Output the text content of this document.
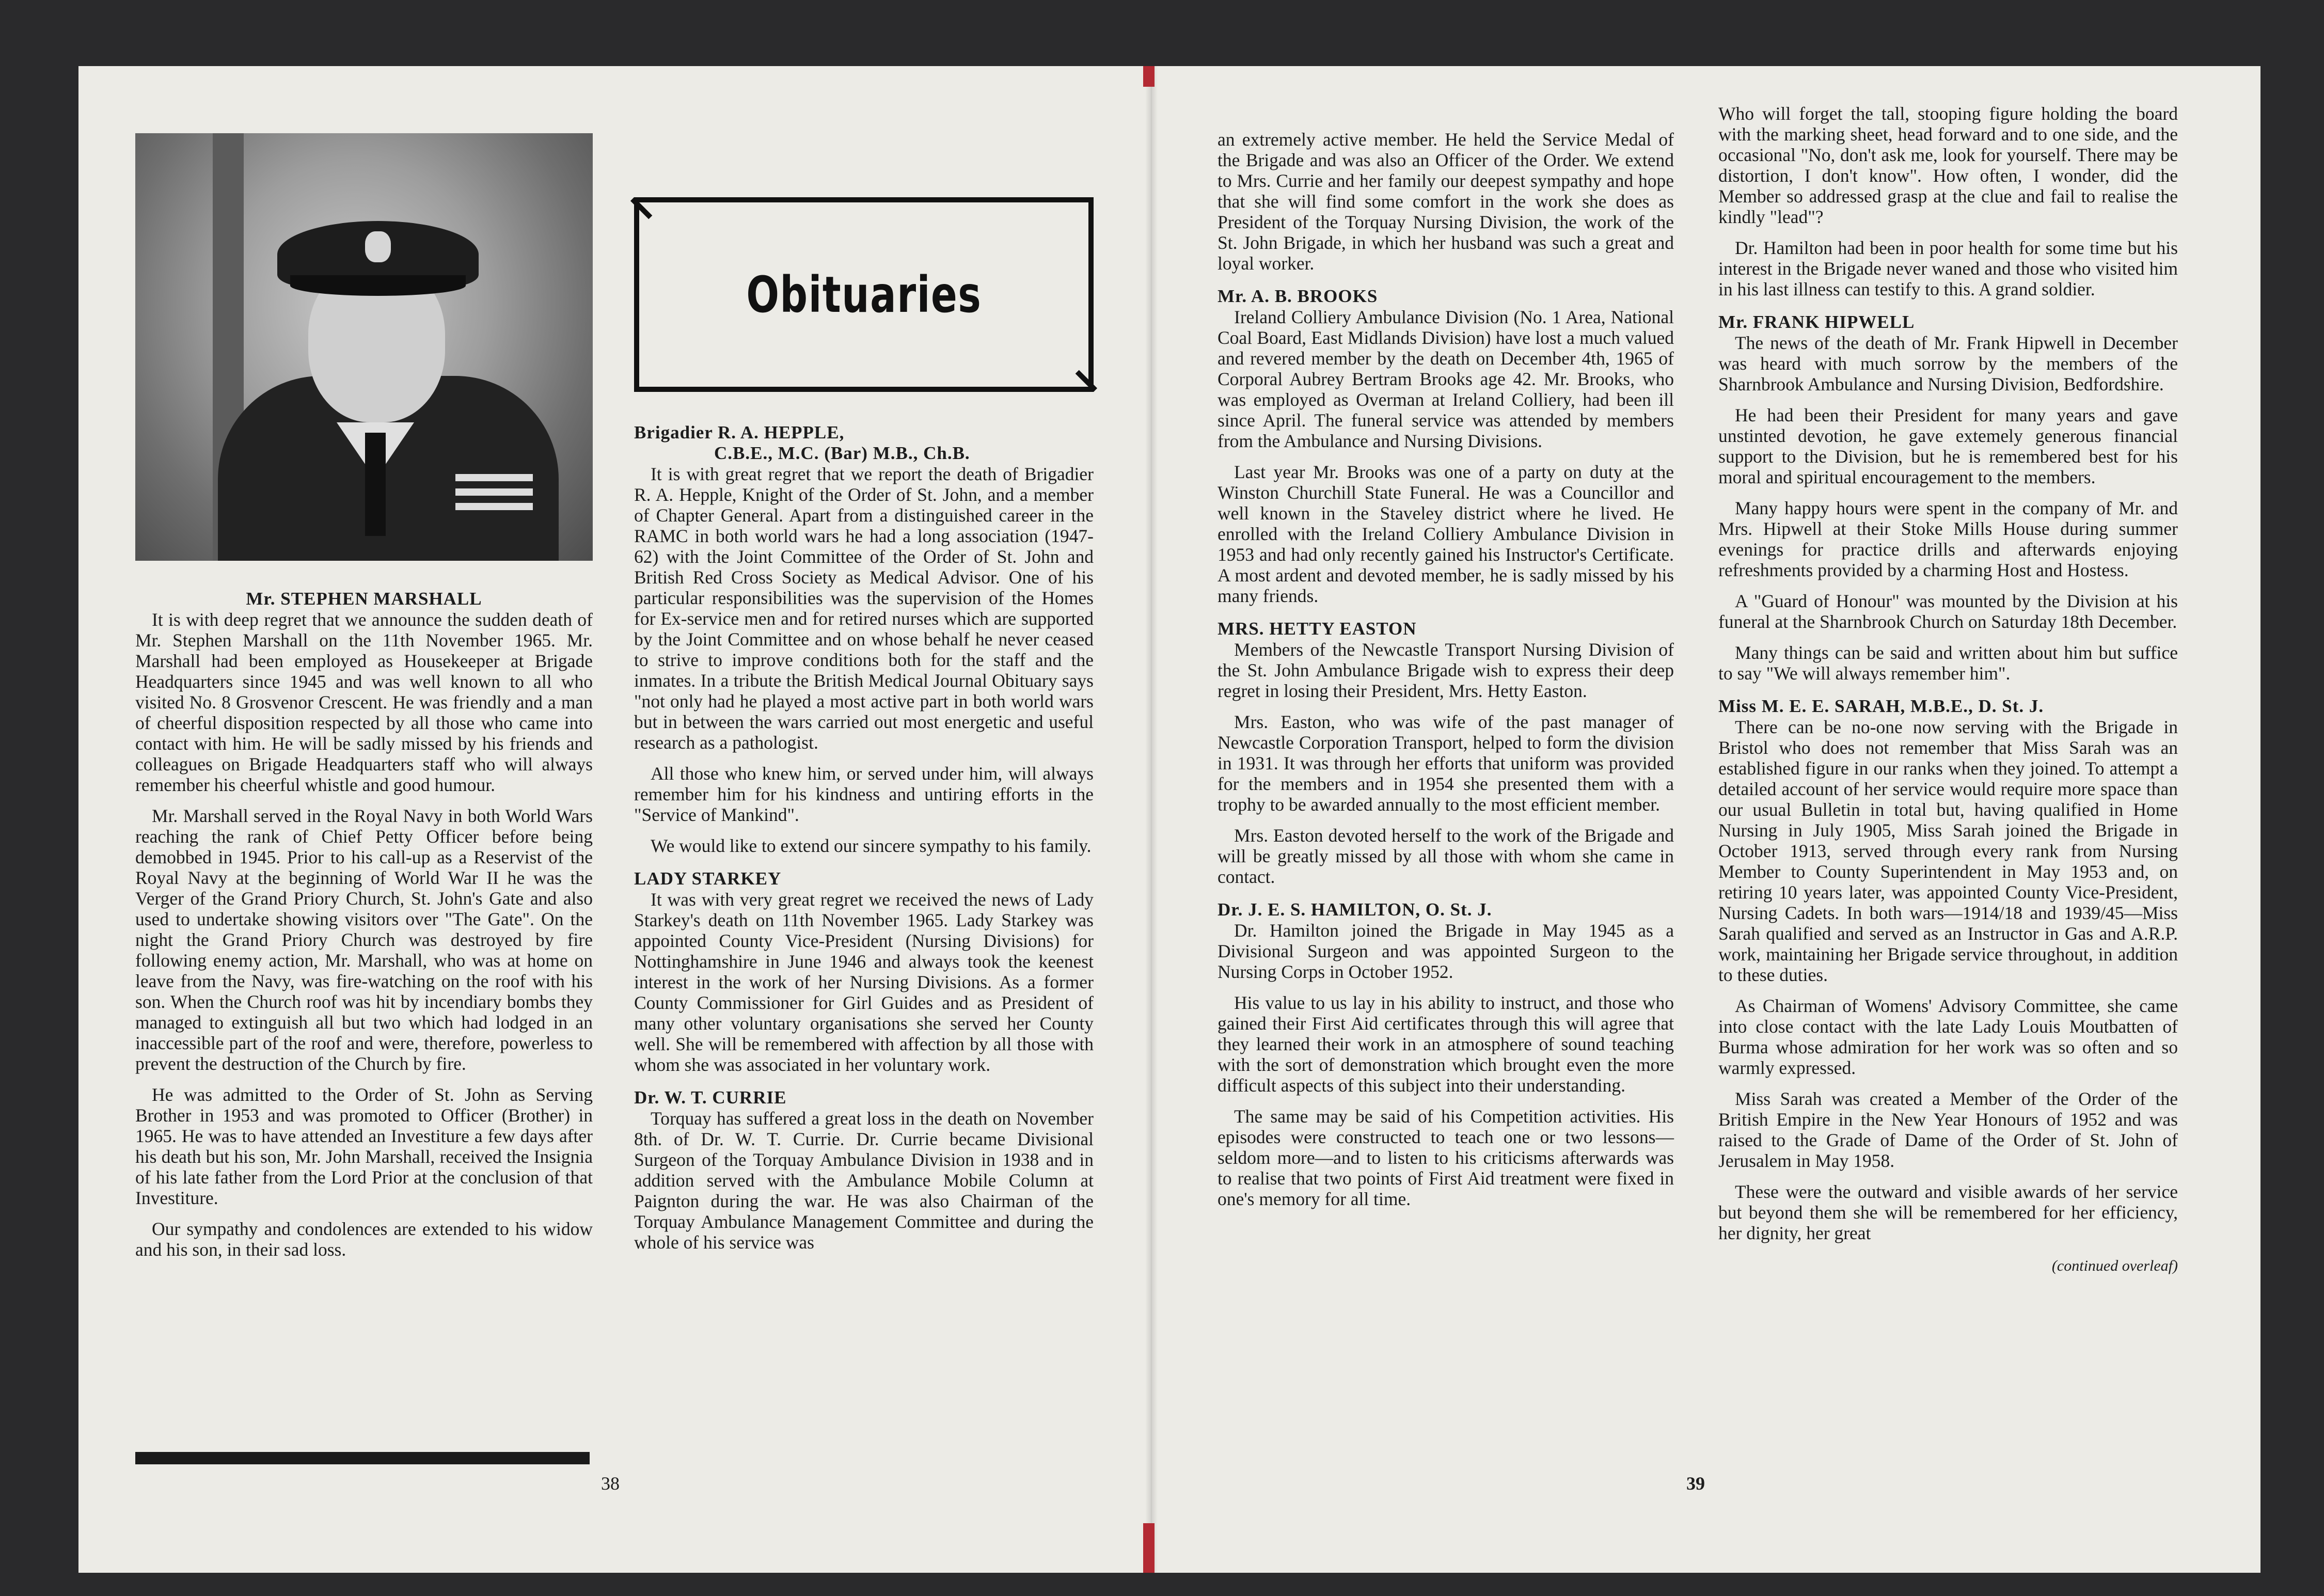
Obituaries
Mr. STEPHEN MARSHALL

It is with deep regret that we announce the sudden death of Mr. Stephen Marshall on the 11th November 1965. Mr. Marshall had been employed as Housekeeper at Brigade Headquarters since 1945 and was well known to all who visited No. 8 Grosvenor Crescent. He was friendly and a man of cheerful disposition respected by all those who came into contact with him. He will be sadly missed by his friends and colleagues on Brigade Headquarters staff who will always remember his cheerful whistle and good humour.

Mr. Marshall served in the Royal Navy in both World Wars reaching the rank of Chief Petty Officer before being demobbed in 1945. Prior to his call-up as a Reservist of the Royal Navy at the beginning of World War II he was the Verger of the Grand Priory Church, St. John's Gate and also used to undertake showing visitors over "The Gate". On the night the Grand Priory Church was destroyed by fire following enemy action, Mr. Marshall, who was at home on leave from the Navy, was fire-watching on the roof with his son. When the Church roof was hit by incendiary bombs they managed to extinguish all but two which had lodged in an inaccessible part of the roof and were, therefore, powerless to prevent the destruction of the Church by fire.

He was admitted to the Order of St. John as Serving Brother in 1953 and was promoted to Officer (Brother) in 1965. He was to have attended an Investiture a few days after his death but his son, Mr. John Marshall, received the Insignia of his late father from the Lord Prior at the conclusion of that Investiture.

Our sympathy and condolences are extended to his widow and his son, in their sad loss.

Brigadier R. A. HEPPLE,
C.B.E., M.C. (Bar) M.B., Ch.B.

It is with great regret that we report the death of Brigadier R. A. Hepple, Knight of the Order of St. John, and a member of Chapter General. Apart from a distinguished career in the RAMC in both world wars he had a long association (1947-62) with the Joint Committee of the Order of St. John and British Red Cross Society as Medical Advisor. One of his particular responsibilities was the supervision of the Homes for Ex-service men and for retired nurses which are supported by the Joint Committee and on whose behalf he never ceased to strive to improve conditions both for the staff and the inmates. In a tribute the British Medical Journal Obituary says "not only had he played a most active part in both world wars but in between the wars carried out most energetic and useful research as a pathologist.

All those who knew him, or served under him, will always remember him for his kindness and untiring efforts in the "Service of Mankind".

We would like to extend our sincere sympathy to his family.

LADY STARKEY

It was with very great regret we received the news of Lady Starkey's death on 11th November 1965. Lady Starkey was appointed County Vice-President (Nursing Divisions) for Nottinghamshire in June 1946 and always took the keenest interest in the work of her Nursing Divisions. As a former County Commissioner for Girl Guides and as President of many other voluntary organisations she served her County well. She will be remembered with affection by all those with whom she was associated in her voluntary work.

Dr. W. T. CURRIE

Torquay has suffered a great loss in the death on November 8th. of Dr. W. T. Currie. Dr. Currie became Divisional Surgeon of the Torquay Ambulance Division in 1938 and in addition served with the Ambulance Mobile Column at Paignton during the war. He was also Chairman of the Torquay Ambulance Management Committee and during the whole of his service was

38

an extremely active member. He held the Service Medal of the Brigade and was also an Officer of the Order. We extend to Mrs. Currie and her family our deepest sympathy and hope that she will find some comfort in the work she does as President of the Torquay Nursing Division, the work of the St. John Brigade, in which her husband was such a great and loyal worker.

Mr. A. B. BROOKS

Ireland Colliery Ambulance Division (No. 1 Area, National Coal Board, East Midlands Division) have lost a much valued and revered member by the death on December 4th, 1965 of Corporal Aubrey Bertram Brooks age 42. Mr. Brooks, who was employed as Overman at Ireland Colliery, had been ill since April. The funeral service was attended by members from the Ambulance and Nursing Divisions.

Last year Mr. Brooks was one of a party on duty at the Winston Churchill State Funeral. He was a Councillor and well known in the Staveley district where he lived. He enrolled with the Ireland Colliery Ambulance Division in 1953 and had only recently gained his Instructor's Certificate. A most ardent and devoted member, he is sadly missed by his many friends.

MRS. HETTY EASTON

Members of the Newcastle Transport Nursing Division of the St. John Ambulance Brigade wish to express their deep regret in losing their President, Mrs. Hetty Easton.

Mrs. Easton, who was wife of the past manager of Newcastle Corporation Transport, helped to form the division in 1931. It was through her efforts that uniform was provided for the members and in 1954 she presented them with a trophy to be awarded annually to the most efficient member.

Mrs. Easton devoted herself to the work of the Brigade and will be greatly missed by all those with whom she came in contact.

Dr. J. E. S. HAMILTON, O. St. J.

Dr. Hamilton joined the Brigade in May 1945 as a Divisional Surgeon and was appointed Surgeon to the Nursing Corps in October 1952.

His value to us lay in his ability to instruct, and those who gained their First Aid certificates through this will agree that they learned their work in an atmosphere of sound teaching with the sort of demonstration which brought even the more difficult aspects of this subject into their understanding.

The same may be said of his Competition activities. His episodes were constructed to teach one or two lessons—seldom more—and to listen to his criticisms afterwards was to realise that two points of First Aid treatment were fixed in one's memory for all time.

Who will forget the tall, stooping figure holding the board with the marking sheet, head forward and to one side, and the occasional "No, don't ask me, look for yourself. There may be distortion, I don't know". How often, I wonder, did the Member so addressed grasp at the clue and fail to realise the kindly "lead"?

Dr. Hamilton had been in poor health for some time but his interest in the Brigade never waned and those who visited him in his last illness can testify to this. A grand soldier.

Mr. FRANK HIPWELL

The news of the death of Mr. Frank Hipwell in December was heard with much sorrow by the members of the Sharnbrook Ambulance and Nursing Division, Bedfordshire.

He had been their President for many years and gave unstinted devotion, he gave extemely generous financial support to the Division, but he is remembered best for his moral and spiritual encouragement to the members.

Many happy hours were spent in the company of Mr. and Mrs. Hipwell at their Stoke Mills House during summer evenings for practice drills and afterwards enjoying refreshments provided by a charming Host and Hostess.

A "Guard of Honour" was mounted by the Division at his funeral at the Sharnbrook Church on Saturday 18th December.

Many things can be said and written about him but suffice to say "We will always remember him".

Miss M. E. E. SARAH, M.B.E., D. St. J.

There can be no-one now serving with the Brigade in Bristol who does not remember that Miss Sarah was an established figure in our ranks when they joined. To attempt a detailed account of her service would require more space than our usual Bulletin in total but, having qualified in Home Nursing in July 1905, Miss Sarah joined the Brigade in October 1913, served through every rank from Nursing Member to County Superintendent in May 1953 and, on retiring 10 years later, was appointed County Vice-President, Nursing Cadets. In both wars—1914/18 and 1939/45—Miss Sarah qualified and served as an Instructor in Gas and A.R.P. work, maintaining her Brigade service throughout, in addition to these duties.

As Chairman of Womens' Advisory Committee, she came into close contact with the late Lady Louis Moutbatten of Burma whose admiration for her work was so often and so warmly expressed.

Miss Sarah was created a Member of the Order of the British Empire in the New Year Honours of 1952 and was raised to the Grade of Dame of the Order of St. John of Jerusalem in May 1958.

These were the outward and visible awards of her service but beyond them she will be remembered for her efficiency, her dignity, her great

(continued overleaf)

39
